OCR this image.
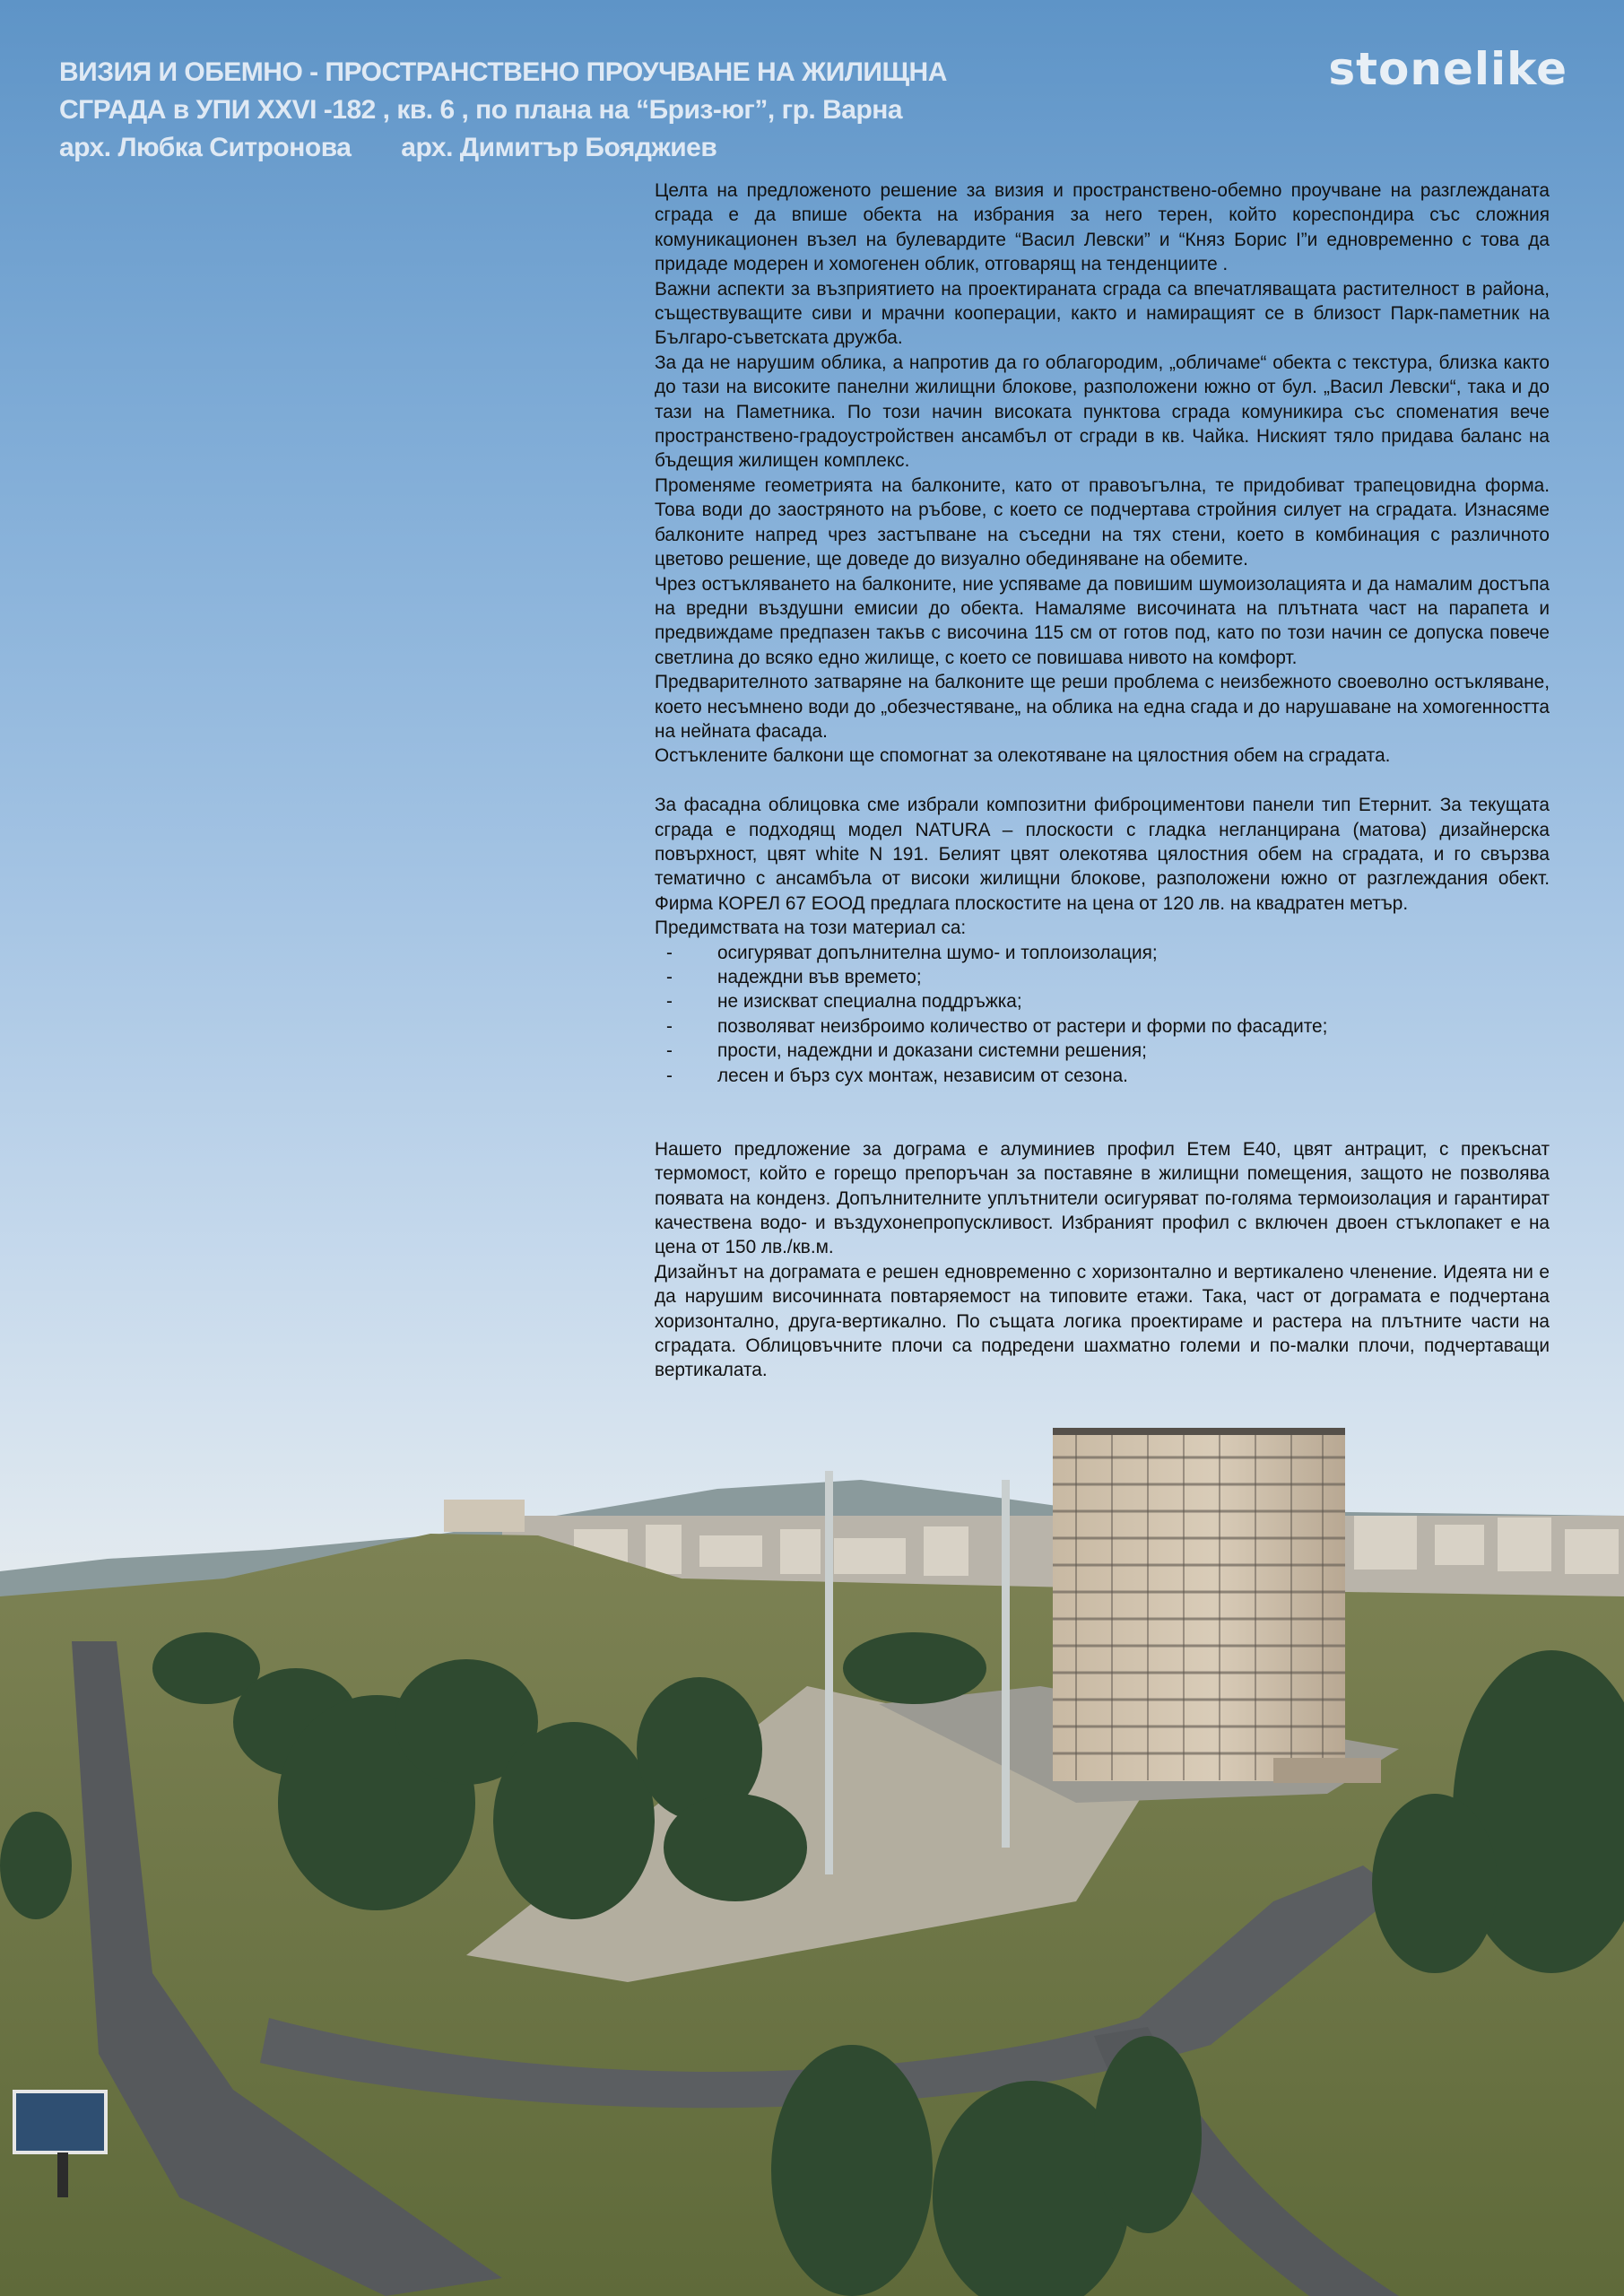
ВИЗИЯ И ОБЕМНО - ПРОСТРАНСТВЕНО ПРОУЧВАНЕ НА ЖИЛИЩНА
СГРАДА в УПИ XXVI -182 , кв. 6 , по плана на “Бриз-юг”, гр. Варна
арх. Любка Ситронова арх. Димитър Бояджиев
stonelike

Целта на предложеното решение за визия и пространствено-обемно проучване на разглежданата сграда е да впише обекта на избрания за него терен, който кореспондира със сложния комуникационен възел на булевардите “Васил Левски” и “Княз Борис I”и едновременно с това да придаде модерен и хомогенен облик, отговарящ на тенденциите .

Важни аспекти за възприятието на проектираната сграда са впечатляващата растителност в района, съществуващите сиви и мрачни кооперации, както и намиращият се в близост Парк-паметник на Българо-съветската дружба.

За да не нарушим облика, а напротив да го облагородим, „обличаме“ обекта с текстура, близка както до тази на високите панелни жилищни блокове, разположени южно от бул. „Васил Левски“, така и до тази на Паметника. По този начин високата пунктова сграда комуникира със споменатия вече пространствено-градоустройствен ансамбъл от сгради в кв. Чайка. Ниският тяло придава баланс на бъдещия жилищен комплекс.

Променяме геометрията на балконите, като от правоъгълна, те придобиват трапецовидна форма. Това води до заостряното на ръбове, с което се подчертава стройния силует на сградата. Изнасяме балконите напред чрез застъпване на съседни на тях стени, което в комбинация с различното цветово решение, ще доведе до визуално обединяване на обемите.

Чрез остъкляването на балконите, ние успяваме да повишим шумоизолацията и да намалим достъпа на вредни въздушни емисии до обекта. Намаляме височината на плътната част на парапета и предвиждаме предпазен такъв с височина 115 см от готов под, като по този начин се допуска повече светлина до всяко едно жилище, с което се повишава нивото на комфорт.

Предварителното затваряне на балконите ще реши проблема с неизбежното своеволно остъкляване, което несъмнено води до „обезчестяване„ на облика на една сгада и до нарушаване на хомогенността на нейната фасада.

Остъклените балкони ще спомогнат за олекотяване на цялостния обем на сградата.

За фасадна облицовка сме избрали композитни фиброциментови панели тип Етернит. За текущата сграда е подходящ модел NATURA – плоскости с гладка негланцирана (матова) дизайнерска повърхност, цвят white N 191. Белият цвят олекотява цялостния обем на сградата, и го свързва тематично с ансамбъла от високи жилищни блокове, разположени южно от разглеждания обект. Фирма КОРЕЛ 67 ЕООД предлага плоскостите на цена от 120 лв. на квадратен метър.

Предимствата на този материал са:

- осигуряват допълнителна шумо- и топлоизолация;
- надеждни във времето;
- не изискват специална поддръжка;
- позволяват неизброимо количество от растери и форми по фасадите;
- прости, надеждни и доказани системни решения;
- лесен и бърз сух монтаж, независим от сезона.

Нашето предложение за дограма е алуминиев профил Етем Е40, цвят антрацит, с прекъснат термомост, който е горещо препоръчан за поставяне в жилищни помещения, защото не позволява появата на конденз. Допълнителните уплътнители осигуряват по-голяма термоизолация и гарантират качествена водо- и въздухонепропускливост. Избраният профил с включен двоен стъклопакет е на цена от 150 лв./кв.м.

Дизайнът на дограмата е решен едновременно с хоризонтално и вертикалено членение. Идеята ни е да нарушим височинната повтаряемост на типовите етажи. Така, част от дограмата е подчертана хоризонтално, друга-вертикално. По същата логика проектираме и растера на плътните части на сградата. Облицовъчните плочи са подредени шахматно големи и по-малки плочи, подчертаващи вертикалата.
